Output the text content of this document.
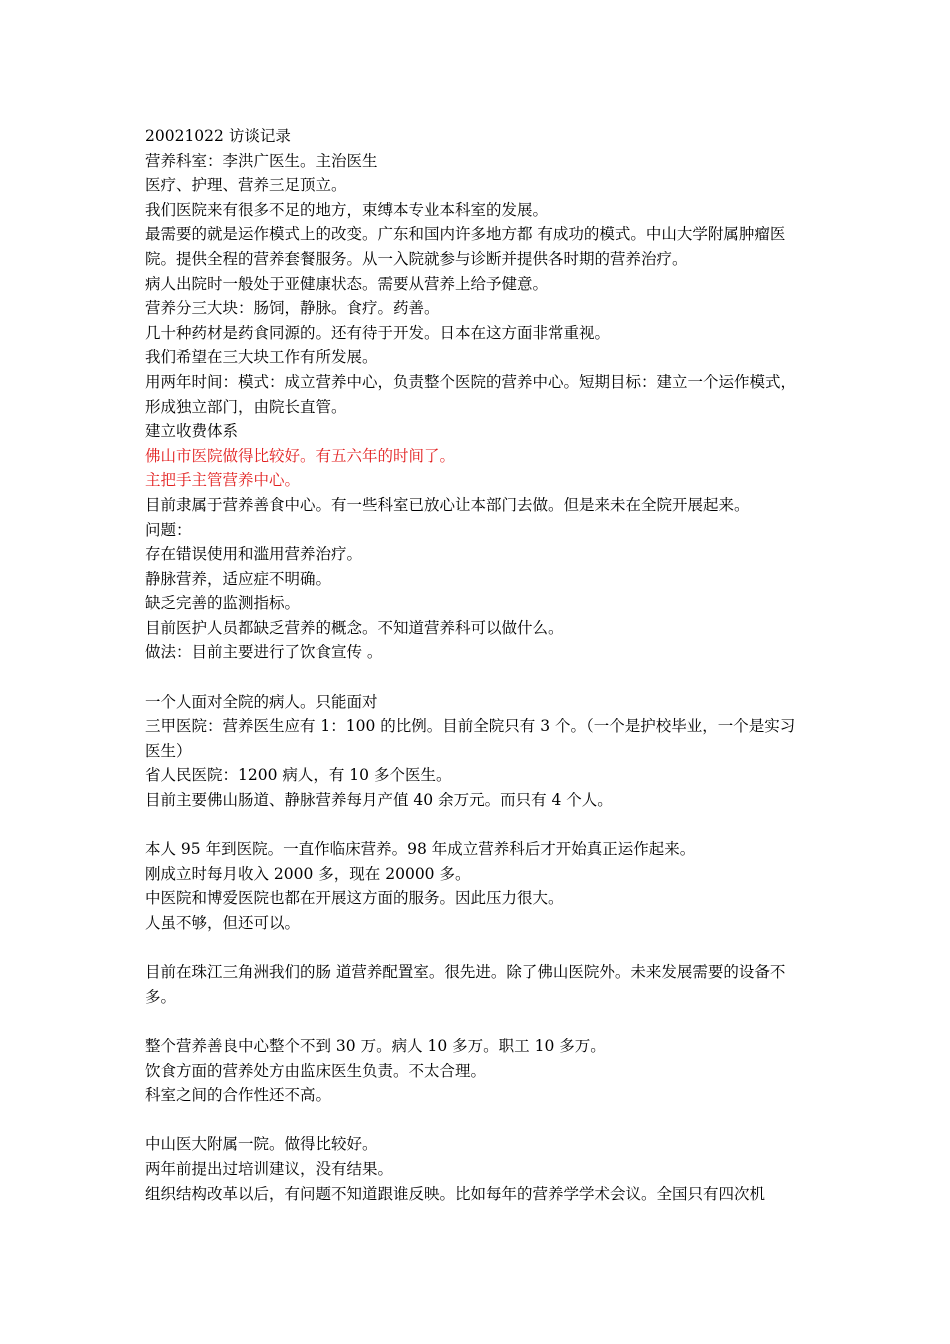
20021022 访谈记录

营养科室：李洪广医生。主治医生

医疗、护理、营养三足顶立。

我们医院来有很多不足的地方，束缚本专业本科室的发展。

最需要的就是运作模式上的改变。广东和国内许多地方都 有成功的模式。中山大学附属肿瘤医院。提供全程的营养套餐服务。从一入院就参与诊断并提供各时期的营养治疗。

病人出院时一般处于亚健康状态。需要从营养上给予健意。

营养分三大块：肠饲，静脉。食疗。药善。

几十种药材是药食同源的。还有待于开发。日本在这方面非常重视。

我们希望在三大块工作有所发展。

用两年时间：模式：成立营养中心，负责整个医院的营养中心。短期目标：建立一个运作模式，形成独立部门，由院长直管。

建立收费体系

佛山市医院做得比较好。有五六年的时间了。

主把手主管营养中心。

目前隶属于营养善食中心。有一些科室已放心让本部门去做。但是来未在全院开展起来。

问题：

存在错误使用和滥用营养治疗。

静脉营养，适应症不明确。

缺乏完善的监测指标。

目前医护人员都缺乏营养的概念。不知道营养科可以做什么。

做法：目前主要进行了饮食宣传 。

一个人面对全院的病人。只能面对

三甲医院：营养医生应有 1：100 的比例。目前全院只有 3 个。（一个是护校毕业，一个是实习医生）

省人民医院：1200 病人，有 10 多个医生。

目前主要佛山肠道、静脉营养每月产值 40 余万元。而只有 4 个人。

本人 95 年到医院。一直作临床营养。98 年成立营养科后才开始真正运作起来。

刚成立时每月收入 2000 多，现在 20000 多。

中医院和博爱医院也都在开展这方面的服务。因此压力很大。

人虽不够，但还可以。

目前在珠江三角洲我们的肠 道营养配置室。很先进。除了佛山医院外。未来发展需要的设备不多。

整个营养善良中心整个不到 30 万。病人 10 多万。职工 10 多万。

饮食方面的营养处方由监床医生负责。不太合理。

科室之间的合作性还不高。

中山医大附属一院。做得比较好。

两年前提出过培训建议，没有结果。

组织结构改革以后，有问题不知道跟谁反映。比如每年的营养学学术会议。全国只有四次机
